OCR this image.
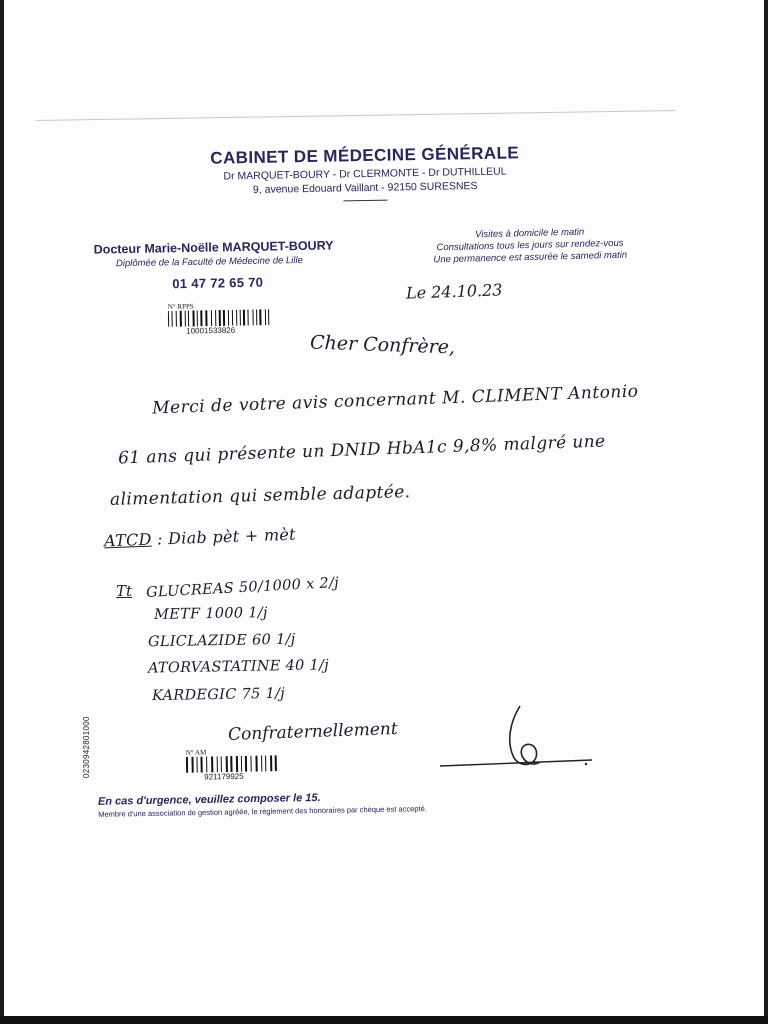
CABINET DE MÉDECINE GÉNÉRALE
Dr MARQUET-BOURY - Dr CLERMONTE - Dr DUTHILLEUL
9, avenue Edouard Vaillant - 92150 SURESNES
Docteur Marie-Noëlle MARQUET-BOURY
Diplômée de la Faculté de Médecine de Lille
01 47 72 65 70
Visites à domicile le matin
Consultations tous les jours sur rendez-vous
Une permanence est assurée le samedi matin
N° RPPS
10001533826
Le 24.10.23
Cher Confrère,
Merci de votre avis concernant M. CLIMENT Antonio
61 ans qui présente un DNID HbA1c 9,8% malgré une
alimentation qui semble adaptée.
ATCD : Diab pèt + mèt
Tt GLUCREAS 50/1000 x 2/j
METF 1000 1/j
GLICLAZIDE 60 1/j
ATORVASTATINE 40 1/j
KARDEGIC 75 1/j
Confraternellement
0230942801000	N° AM
921179925
En cas d'urgence, veuillez composer le 15.
Membre d'une association de gestion agréée, le règlement des honoraires par chèque est accepté.
